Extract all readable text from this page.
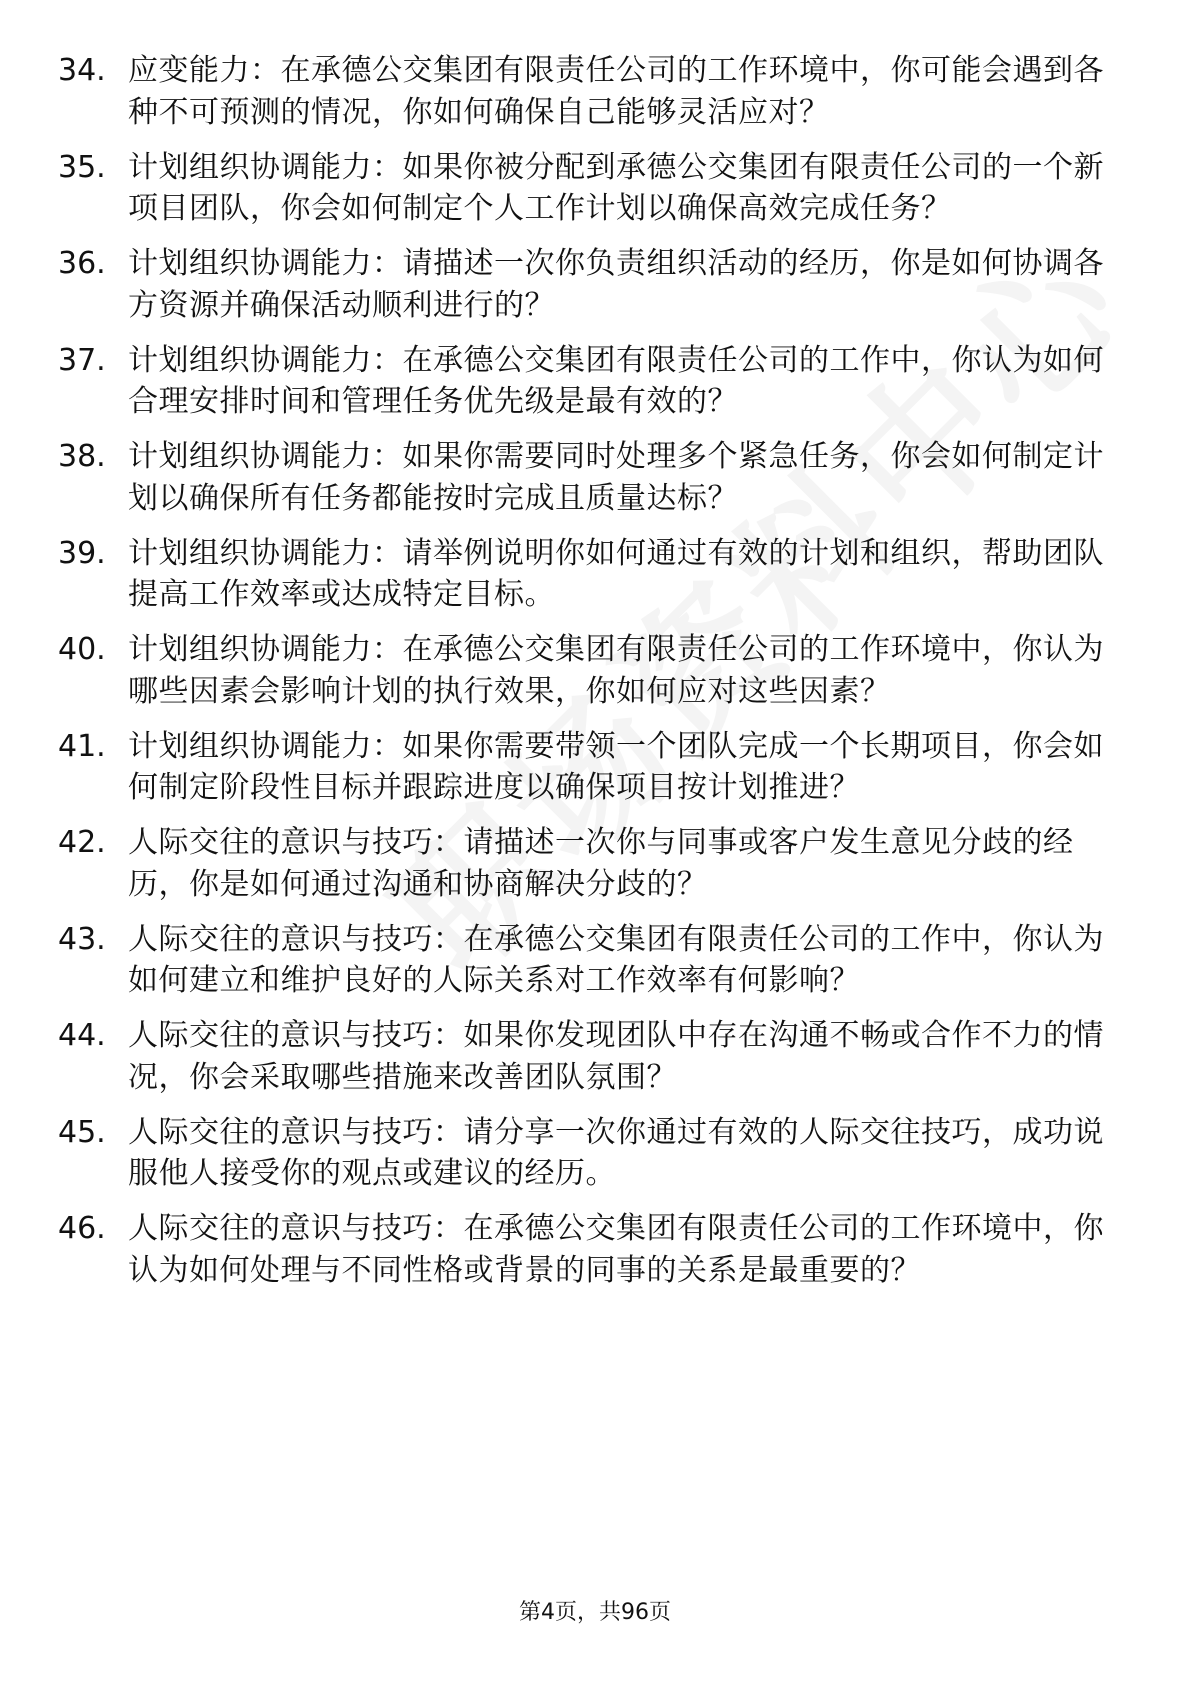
34. 应变能力：在承德公交集团有限责任公司的工作环境中，你可能会遇到各种不可预测的情况，你如何确保自己能够灵活应对？
35. 计划组织协调能力：如果你被分配到承德公交集团有限责任公司的一个新项目团队，你会如何制定个人工作计划以确保高效完成任务？
36. 计划组织协调能力：请描述一次你负责组织活动的经历，你是如何协调各方资源并确保活动顺利进行的？
37. 计划组织协调能力：在承德公交集团有限责任公司的工作中，你认为如何合理安排时间和管理任务优先级是最有效的？
38. 计划组织协调能力：如果你需要同时处理多个紧急任务，你会如何制定计划以确保所有任务都能按时完成且质量达标？
39. 计划组织协调能力：请举例说明你如何通过有效的计划和组织，帮助团队提高工作效率或达成特定目标。
40. 计划组织协调能力：在承德公交集团有限责任公司的工作环境中，你认为哪些因素会影响计划的执行效果，你如何应对这些因素？
41. 计划组织协调能力：如果你需要带领一个团队完成一个长期项目，你会如何制定阶段性目标并跟踪进度以确保项目按计划推进？
42. 人际交往的意识与技巧：请描述一次你与同事或客户发生意见分歧的经历，你是如何通过沟通和协商解决分歧的？
43. 人际交往的意识与技巧：在承德公交集团有限责任公司的工作中，你认为如何建立和维护良好的人际关系对工作效率有何影响？
44. 人际交往的意识与技巧：如果你发现团队中存在沟通不畅或合作不力的情况，你会采取哪些措施来改善团队氛围？
45. 人际交往的意识与技巧：请分享一次你通过有效的人际交往技巧，成功说服他人接受你的观点或建议的经历。
46. 人际交往的意识与技巧：在承德公交集团有限责任公司的工作环境中，你认为如何处理与不同性格或背景的同事的关系是最重要的？
第4页，共96页
